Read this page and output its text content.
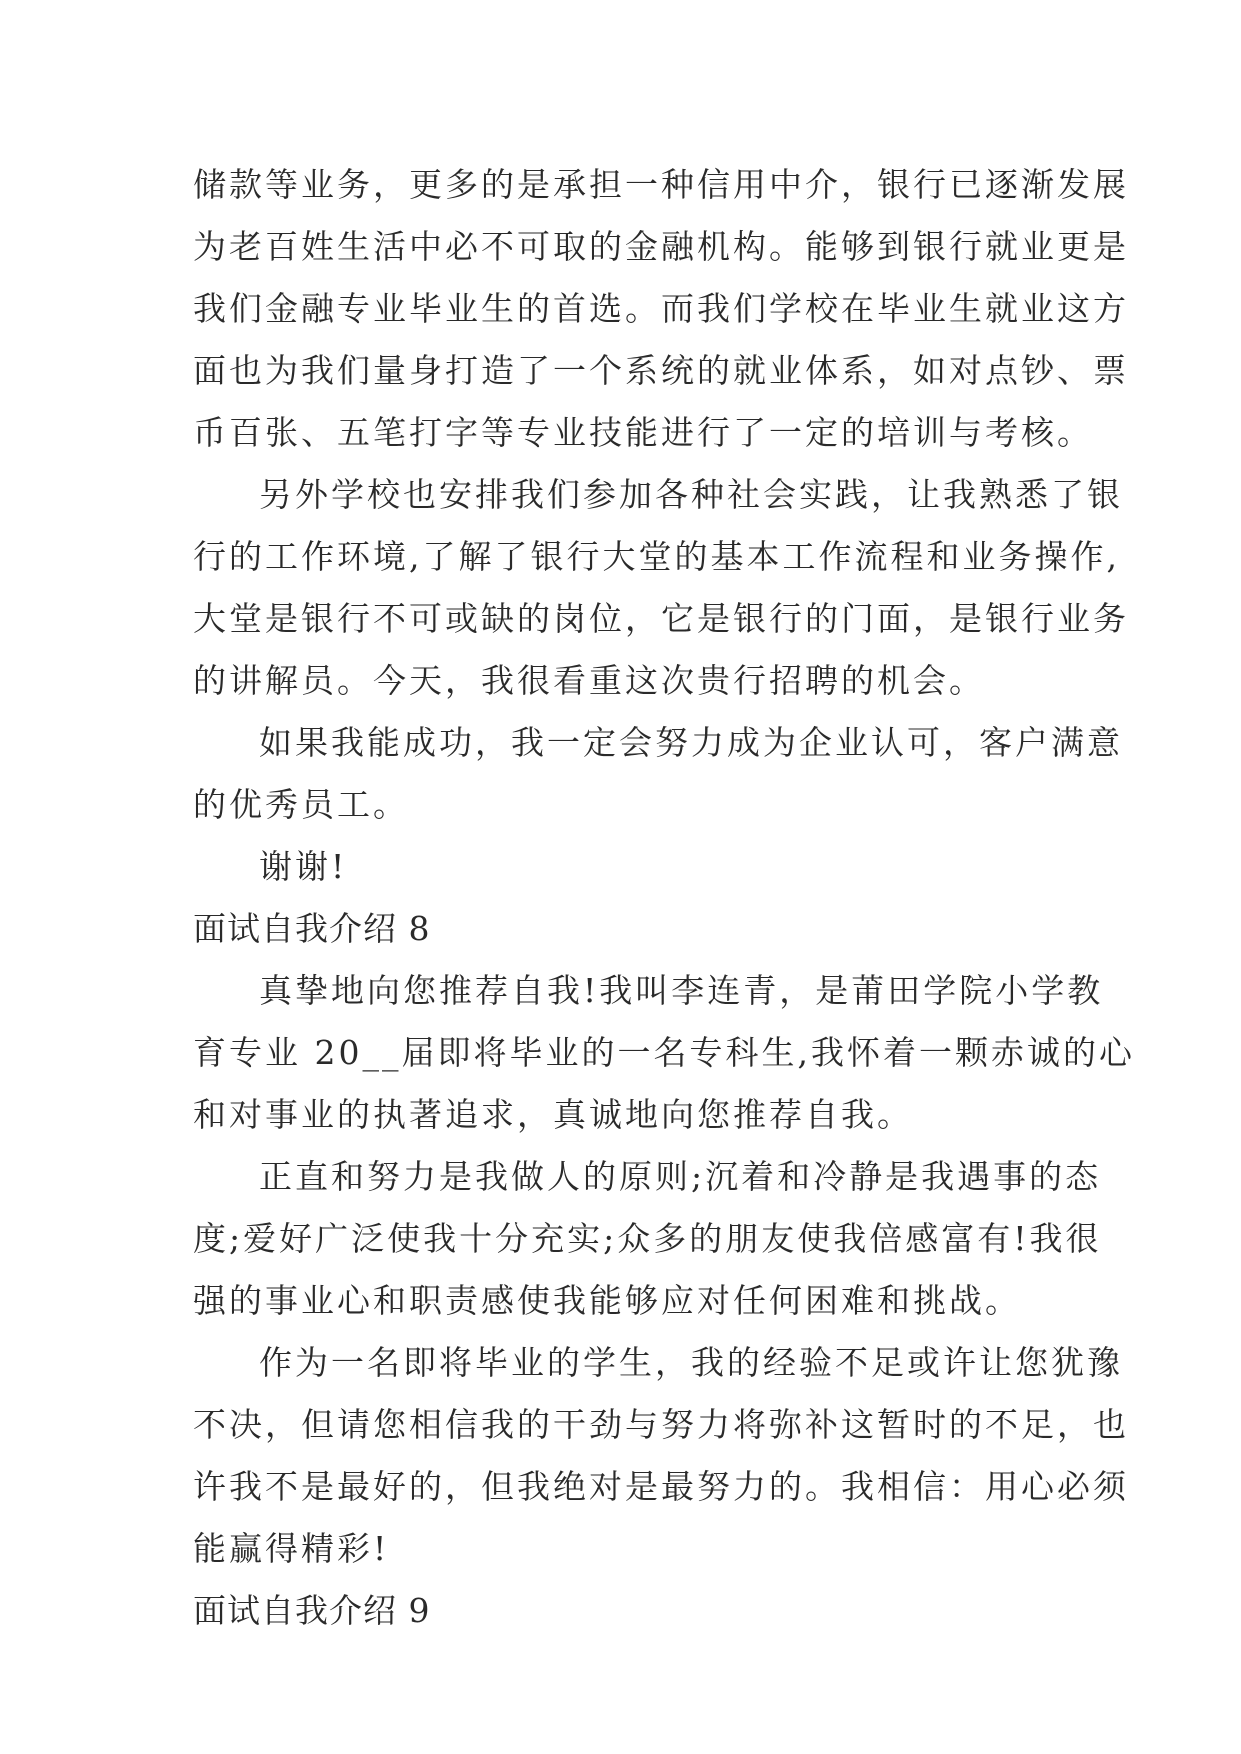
储款等业务，更多的是承担一种信用中介，银行已逐渐发展
为老百姓生活中必不可取的金融机构。能够到银行就业更是
我们金融专业毕业生的首选。而我们学校在毕业生就业这方
面也为我们量身打造了一个系统的就业体系，如对点钞、票
币百张、五笔打字等专业技能进行了一定的培训与考核。
另外学校也安排我们参加各种社会实践，让我熟悉了银
行的工作环境,了解了银行大堂的基本工作流程和业务操作,
大堂是银行不可或缺的岗位，它是银行的门面，是银行业务
的讲解员。今天，我很看重这次贵行招聘的机会。
如果我能成功，我一定会努力成为企业认可，客户满意
的优秀员工。
谢谢!
面试自我介绍 8
真挚地向您推荐自我!我叫李连青，是莆田学院小学教
育专业 20__届即将毕业的一名专科生,我怀着一颗赤诚的心
和对事业的执著追求，真诚地向您推荐自我。
正直和努力是我做人的原则;沉着和冷静是我遇事的态
度;爱好广泛使我十分充实;众多的朋友使我倍感富有!我很
强的事业心和职责感使我能够应对任何困难和挑战。
作为一名即将毕业的学生，我的经验不足或许让您犹豫
不决，但请您相信我的干劲与努力将弥补这暂时的不足，也
许我不是最好的，但我绝对是最努力的。我相信：用心必须
能赢得精彩!
面试自我介绍 9
